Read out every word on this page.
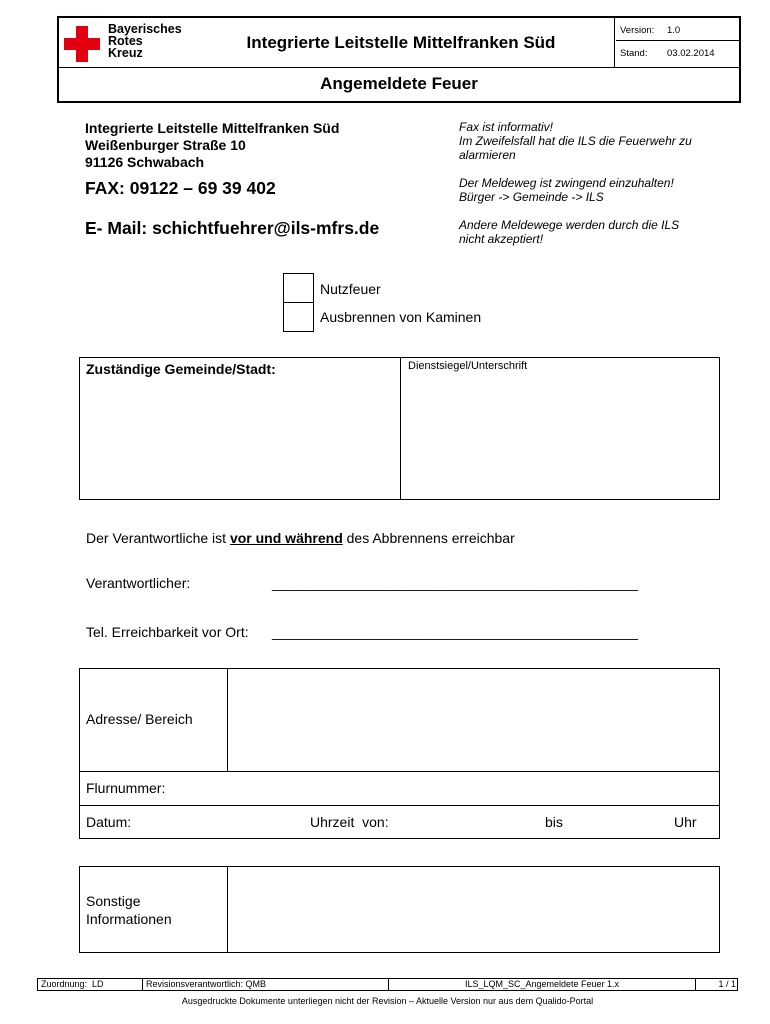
Bayerisches
Rotes
Kreuz
Integrierte Leitstelle Mittelfranken Süd
Version: 1.0
Stand: 03.02.2014
Angemeldete Feuer
Integrierte Leitstelle Mittelfranken Süd
Weißenburger Straße 10
91126 Schwabach
FAX: 09122 – 69 39 402
E- Mail: schichtfuehrer@ils-mfrs.de
Fax ist informativ!
Im Zweifelsfall hat die ILS die Feuerwehr zu
alarmieren
Der Meldeweg ist zwingend einzuhalten!
Bürger -> Gemeinde -> ILS
Andere Meldewege werden durch die ILS
nicht akzeptiert!
Nutzfeuer
Ausbrennen von Kaminen
Zuständige Gemeinde/Stadt:	Dienstsiegel/Unterschrift
Der Verantwortliche ist vor und während des Abbrennens erreichbar
Verantwortlicher:	_______________________________________________
Tel. Erreichbarkeit vor Ort: _______________________________________________
Adresse/ Bereich
Flurnummer:
Datum:	Uhrzeit  von:	bis	Uhr
Sonstige
Informationen
Zuordnung:  LD	Revisionsverantwortlich: QMB	ILS_LQM_SC_Angemeldete Feuer 1.x	1 / 1
Ausgedruckte Dokumente unterliegen nicht der Revision – Aktuelle Version nur aus dem Qualido-Portal
